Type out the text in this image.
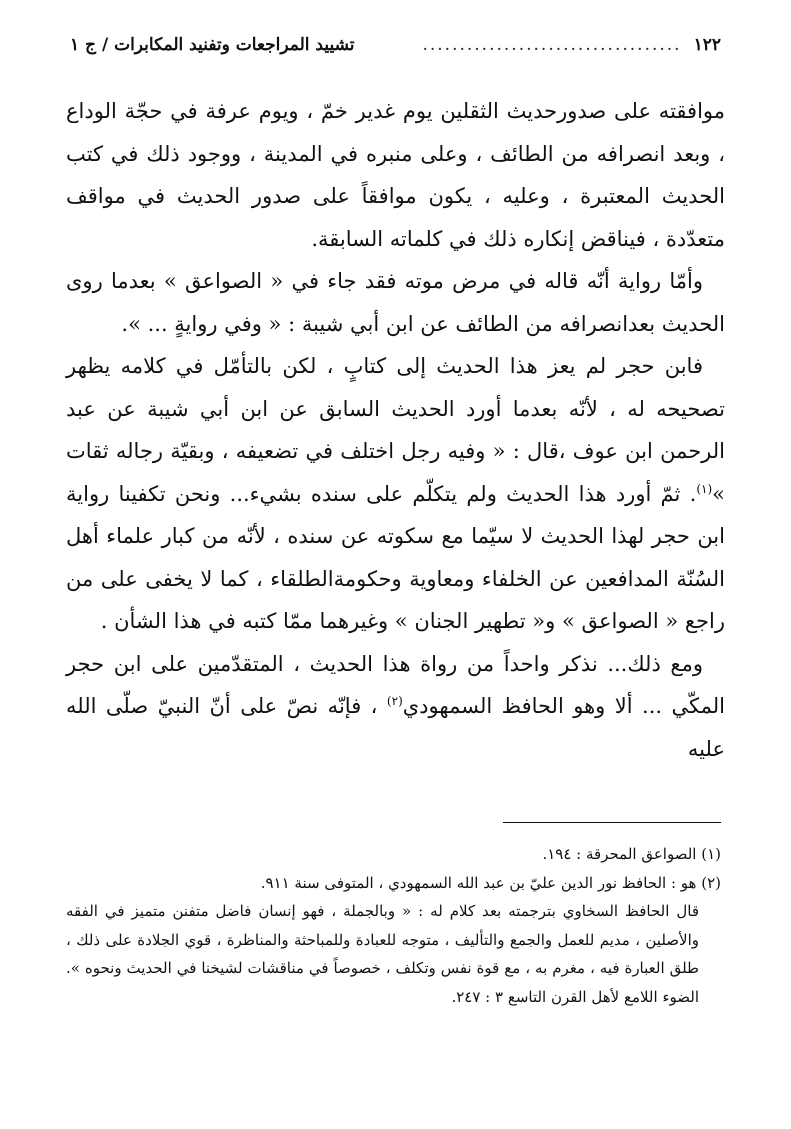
١٢٢
...................................
تشييد المراجعات وتفنيد المكابرات / ج ١

موافقته على صدورحديث الثقلين يوم غدير خمّ ، ويوم عرفة في حجّة الوداع ، وبعد انصرافه من الطائف ، وعلى منبره في المدينة ، ووجود ذلك في كتب الحديث المعتبرة ، وعليه ، يكون موافقاً على صدور الحديث في مواقف متعدّدة ، فيناقض إنكاره ذلك في كلماته السابقة.

وأمّا رواية أنّه قاله في مرض موته فقد جاء في « الصواعق » بعدما روى الحديث بعدانصرافه من الطائف عن ابن أبي شيبة : « وفي روايةٍ ... ».

فابن حجر لم يعز هذا الحديث إلى كتابٍ ، لكن بالتأمّل في كلامه يظهر تصحيحه له ، لأنّه بعدما أورد الحديث السابق عن ابن أبي شيبة عن عبد الرحمن ابن عوف ،قال : « وفيه رجل اختلف في تضعيفه ، وبقيّة رجاله ثقات »$^{(١)}$. ثمّ أورد هذا الحديث ولم يتكلّم على سنده بشيء... ونحن تكفينا رواية ابن حجر لهذا الحديث لا سيّما مع سكوته عن سنده ، لأنّه من كبار علماء أهل السُنّة المدافعين عن الخلفاء ومعاوية وحكومةالطلقاء ، كما لا يخفى على من راجع « الصواعق » و« تطهير الجنان » وغيرهما ممّا كتبه في هذا الشأن .

ومع ذلك... نذكر واحداً من رواة هذا الحديث ، المتقدّمين على ابن حجر المكّي ... ألا وهو الحافظ السمهودي$^{(٢)}$ ، فإنّه نصّ على أنّ النبيّ صلّى الله عليه

(١) الصواعق المحرقة : ١٩٤.

(٢) هو : الحافظ نور الدين عليّ بن عبد الله السمهودي ، المتوفى سنة ٩١١.

قال الحافظ السخاوي بترجمته بعد كلام له : « وبالجملة ، فهو إنسان فاضل متفنن متميز في الفقه والأصلين ، مديم للعمل والجمع والتأليف ، متوجه للعبادة وللمباحثة والمناظرة ، قوي الجلادة على ذلك ، طلق العبارة فيه ، مغرم به ، مع قوة نفس وتكلف ، خصوصاً في مناقشات لشيخنا في الحديث ونحوه ». الضوء اللامع لأهل القرن التاسع ٣ : ٢٤٧.
